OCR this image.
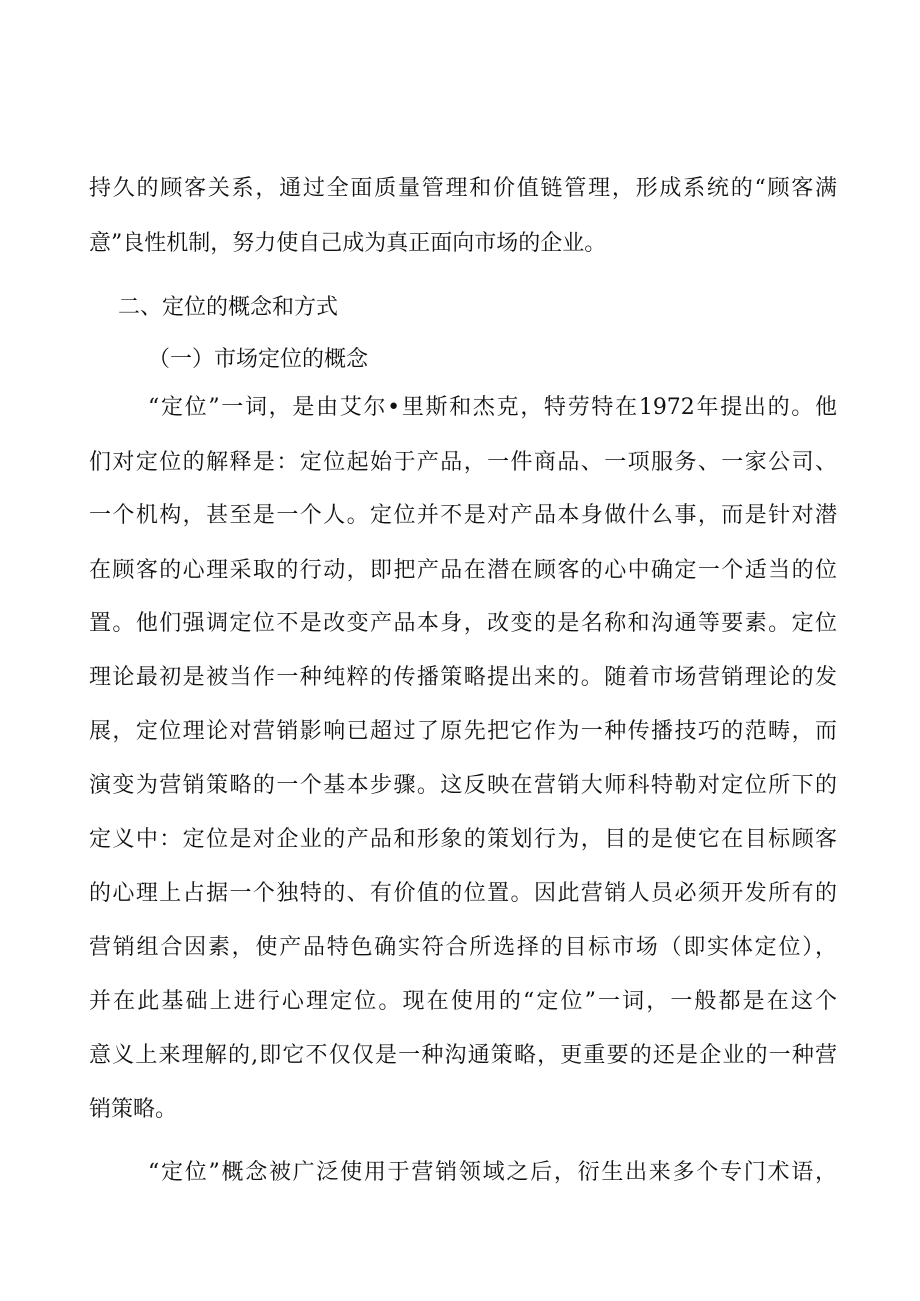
持久的顾客关系，通过全面质量管理和价值链管理，形成系统的“顾客满
意”良性机制，努力使自己成为真正面向市场的企业。
二、定位的概念和方式
（一）市场定位的概念
“定位”一词，是由艾尔•里斯和杰克，特劳特在1972年提出的。他
们对定位的解释是：定位起始于产品，一件商品、一项服务、一家公司、
一个机构，甚至是一个人。定位并不是对产品本身做什么事，而是针对潜
在顾客的心理采取的行动，即把产品在潜在顾客的心中确定一个适当的位
置。他们强调定位不是改变产品本身，改变的是名称和沟通等要素。定位
理论最初是被当作一种纯粹的传播策略提出来的。随着市场营销理论的发
展，定位理论对营销影响已超过了原先把它作为一种传播技巧的范畴，而
演变为营销策略的一个基本步骤。这反映在营销大师科特勒对定位所下的
定义中：定位是对企业的产品和形象的策划行为，目的是使它在目标顾客
的心理上占据一个独特的、有价值的位置。因此营销人员必须开发所有的
营销组合因素，使产品特色确实符合所选择的目标市场（即实体定位），
并在此基础上进行心理定位。现在使用的“定位”一词，一般都是在这个
意义上来理解的,即它不仅仅是一种沟通策略，更重要的还是企业的一种营
销策略。
“定位”概念被广泛使用于营销领域之后，衍生出来多个专门术语，
